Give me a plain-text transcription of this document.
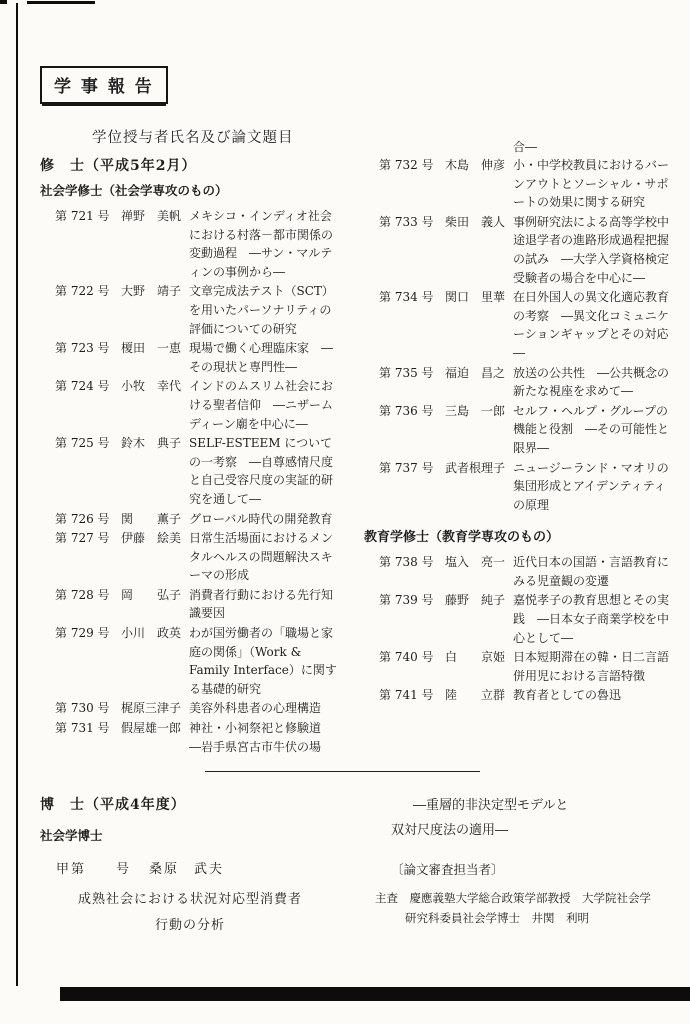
学 事 報 告
学位授与者氏名及び論文題目
修　士（平成5年2月）
社会学修士（社会学専攻のもの）
第 721 号 禅野　美帆 メキシコ・インディオ社会における村落－都市関係の変動過程　―サン・マルティンの事例から―
第 722 号 大野　靖子 文章完成法テスト（SCT）を用いたパーソナリティの評価についての研究
第 723 号 榎田　一恵 現場で働く心理臨床家　―その現状と専門性―
第 724 号 小牧　幸代 インドのムスリム社会における聖者信仰　―ニザームディーン廟を中心に―
第 725 号 鈴木　典子 SELF-ESTEEM についての一考察　―自尊感情尺度と自己受容尺度の実証的研究を通して―
第 726 号 関　　薫子 グローバル時代の開発教育
第 727 号 伊藤　絵美 日常生活場面におけるメンタルヘルスの問題解決スキーマの形成
第 728 号 岡　　弘子 消費者行動における先行知識要因
第 729 号 小川　政英 わが国労働者の「職場と家庭の関係」（Work & Family Interface）に関する基礎的研究
第 730 号 梶原三津子 美容外科患者の心理構造
第 731 号 假屋雄一郎 神社・小祠祭祀と修験道　―岩手県宮古市牛伏の場
合―
第 732 号 木島　伸彦 小・中学校教員におけるバーンアウトとソーシャル・サポートの効果に関する研究
第 733 号 柴田　義人 事例研究法による高等学校中途退学者の進路形成過程把握の試み　―大学入学資格検定受験者の場合を中心に―
第 734 号 関口　里華 在日外国人の異文化適応教育の考察　―異文化コミュニケーションギャップとその対応―
第 735 号 福迫　昌之 放送の公共性　―公共概念の新たな視座を求めて―
第 736 号 三島　一郎 セルフ・ヘルプ・グループの機能と役割　―その可能性と限界―
第 737 号 武者根理子 ニュージーランド・マオリの集団形成とアイデンティティの原理
教育学修士（教育学専攻のもの）
第 738 号 塩入　亮一 近代日本の国語・言語教育にみる児童観の変遷
第 739 号 藤野　純子 嘉悦孝子の教育思想とその実践　―日本女子商業学校を中心として―
第 740 号 白　　京姫 日本短期滞在の韓・日二言語併用児における言語特徴
第 741 号 陸　　立群 教育者としての魯迅
博　士（平成4年度）
社会学博士
甲第　　号 桑原　武夫
成熟社会における状況対応型消費者
行動の分析
―重層的非決定型モデルと
双対尺度法の適用―
〔論文審査担当者〕
主査　慶應義塾大学総合政策学部教授　大学院社会学
研究科委員社会学博士　井関　利明
